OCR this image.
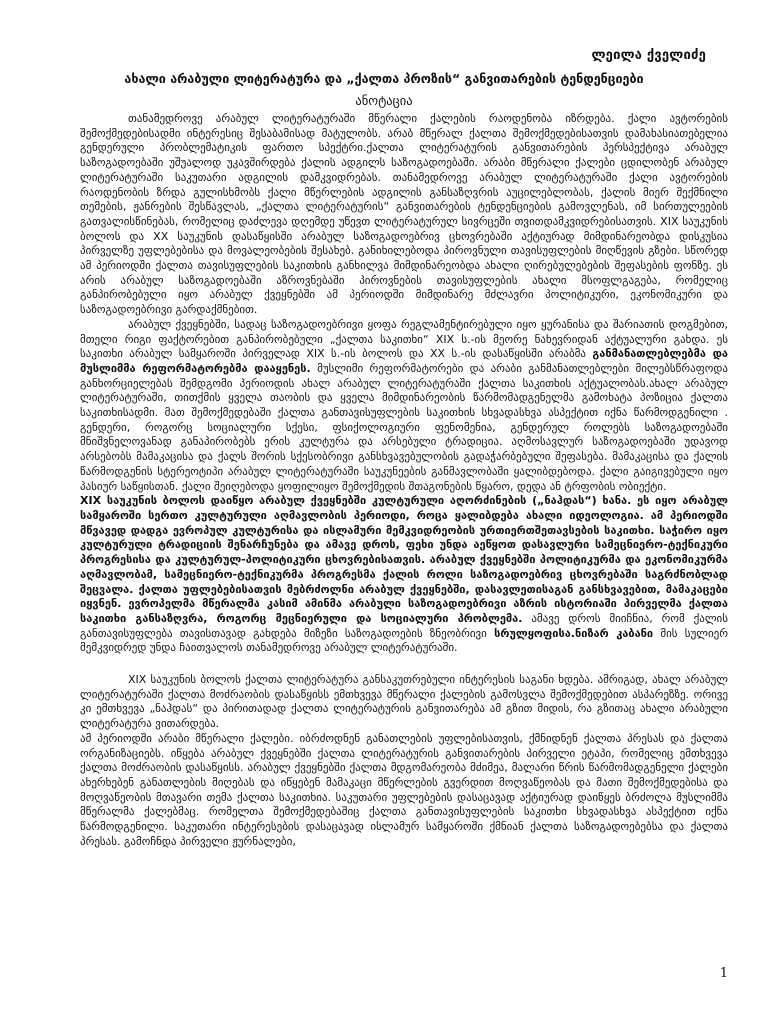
ლეილა ქველიძე
ახალი არაბული ლიტერატურა და „ქალთა პროზის“ განვითარების ტენდენციები
ანოტაცია

თანამედროვე არაბულ ლიტერატურაში მწერალი ქალების რაოდენობა იზრდება. ქალი ავტორების შემოქმედებისადმი ინტერესიც შესაბამისად მატულობს. არაბ მწერალ ქალთა შემოქმედებისათვის დამახასიათებელია გენდერული პრობლემატიკის ფართო სპექტრი.ქალთა ლიტერატურის განვითარების პერსპექტივა არაბულ საზოგადოებაში უშუალოდ უკავშირდება ქალის ადგილს საზოგადოებაში. არაბი მწერალი ქალები ცდილობენ არაბულ ლიტერატურაში საკუთარი ადგილის დამკვიდრებას. თანამედროვე არაბულ ლიტერატურაში ქალი ავტორების რაოდენობის ზრდა გულისხმობს ქალი მწერლების ადგილის განსაზღვრის აუცილებლობას, ქალის მიერ შექმნილი თემების, ჟანრების შესწავლას, „ქალთა ლიტერატურის“ განვითარების ტენდენციების გამოვლენას, იმ სირთულეების გათვალისწინებას, რომელიც დაძლევა დღემდე უწევთ ლიტერატურულ სივრცეში თვითდამკვიდრებისათვის. XIX საუკუნის ბოლოს და XX საუკუნის დასაწყისში არაბულ საზოგადოებრივ ცხოვრებაში აქტიურად მიმდინარეობდა დისკუსია პირველზე უფლებებისა და მოვალეობების შესახებ. განიხილებოდა პიროვნული თავისუფლების მიღწევის გზები. სწორედ ამ პერიოდში ქალთა თავისუფლების საკითხის განხილვა მიმდინარეობდა ახალი ღირებულებების შეფასების ფონზე. ეს არის არაბულ საზოგადოებაში აზროვნებაში პიროვნების თავისუფლების ახალი მსოფლგაგება, რომელიც განპირობებული იყო არაბულ ქვეყნებში ამ პერიოდში მიმდინარე მძლავრი პოლიტიკური, ეკონომიკური და საზოგადოებრივი გარდაქმნებით.

არაბულ ქვეყნებში, სადაც საზოგადოებრივი ყოფა რეგლამენტირებული იყო ყურანისა და შარიათის დოგმებით, მთელი რიგი ფაქტორებით განპირობებული „ქალთა საკითხი“ XIX ს.-ის მეორე ნახევრიდან აქტუალური გახდა. ეს საკითხი არაბულ სამყაროში პირველად XIX ს.-ის ბოლოს და XX ს.-ის დასაწყისში არაბმა განმანათლებლებმა და მუსლიმმა რეფორმატორებმა დააყენეს. მუსლიმი რეფორმატორები და არაბი განმანათლებლები მილებსწრაფოდა განხორციელებას შემდგომი პერიოდის ახალ არაბულ ლიტერატურაში ქალთა საკითხის აქტუალობას.ახალ არაბულ ლიტერატურაში, თითქმის ყველა თაობის და ყველა მიმდინარეობის წარმომადგენელმა გამოხატა პოზიცია ქალთა საკითხისადმი. მათ შემოქმედებაში ქალთა განთავისუფლების საკითხის სხვადასხვა ასპექტით იქნა წარმოდგენილი . გენდერი, როგორც სოციალური სქესი, ფსიქოლოგიური ფენომენია, გენდერულ როლებს საზოგადოებაში მნიშვნელოვანად განაპირობებს ერის კულტურა და არსებული ტრადიცია. აღმოსავლურ საზოგადოებაში უდავოდ არსებობს მამაკაცისა და ქალს შორის სქესობრივი განსხვავებულობის გადაჭარბებული შეფასება. მამაკაცისა და ქალის წარმოდგენის სტერეოტიპი არაბულ ლიტერატურაში საუკუნეების განმავლობაში ყალიბდებოდა. ქალი გაიგივებული იყო პასიურ საწყისთან. ქალი შეიღებოდა ყოფილიყო შემოქმედის შთაგონების წყარო, დედა ან ტრფობის ობიექტი.

XIX საუკუნის ბოლოს დაიწყო არაბულ ქვეყნებში კულტურული აღორძინების („ნაჰდას“) ხანა. ეს იყო არაბულ სამყაროში სერთო კულტურული აღმავლობის პერიოდი, როცა ყალიბდება ახალი იდეოლოგია. ამ პერიოდში მწვავედ დადგა ევროპულ კულტურისა და ისლამური მემკვიდრეობის ურთიერთშეთავსების საკითხი. საჭირო იყო კულტურული ტრადიციის შენარჩუნება და ამავე დროს, ფეხი უნდა აეწყოთ დასავლური სამეცნიერო-ტექნიკური პროგრესისა და კულტურულ-პოლიტიკური ცხოვრებისათვის. არაბულ ქვეყნებში პოლიტიკურმა და ეკონომიკურმა აღმავლობამ, სამეცნიერო-ტექნიკურმა პროგრესმა ქალის როლი საზოგადოებრივ ცხოვრებაში საგრძნობლად შეცვალა. ქალთა უფლებებისათვის მებრძოლნი არაბულ ქვეყნებში, დასავლეთისაგან განსხვავებით, მამაკაცები იყვნენ. ევროპელმა მწერალმა კასიმ ამინმა არაბული საზოგადოებრივი აზრის ისტორიაში პირველმა ქალთა საკითხი განსაზღვრა, როგორც მეცნიერული და სოციალური პრობლემა. ამავე დროს მიიჩნია, რომ ქალის განთავისუფლება თავისთავად გახდება მიზეზი საზოგადოების ზნეობრივი სრულყოფისა.ნიზარ კაბანი მის სულიერ მემკვიდრედ უნდა ჩაითვალოს თანამედროვე არაბულ ლიტერატურაში.

XIX საუკუნის ბოლოს ქალთა ლიტერატურა განსაკუთრებული ინტერესის საგანი ხდება. ამრიგად, ახალ არაბულ ლიტერატურაში ქალთა მოძრაობის დასაწყისს ემთხვევა მწერალი ქალების გამოსვლა შემოქმედებით ასპარეზზე. ორივე კი ემთხვევა „ნაჰდას“ და პირითადად ქალთა ლიტერატურის განვითარება ამ გზით მიდის, რა გზითაც ახალი არაბული ლიტერატურა ვითარდება.

ამ პერიოდში არაბი მწერალი ქალები. იბრძოდნენ განათლების უფლებისათვის, ქმნიდნენ ქალთა პრესას და ქალთა ორგანიზაციებს. იწყება არაბულ ქვეყნებში ქალთა ლიტერატურის განვითარების პირველი ეტაპი, რომელიც ემთხვევა ქალთა მოძრაობის დასაწყისს. არაბულ ქვეყნებში ქალთა მდგომარეობა მძიმეა, მალარი წრის წარმომადგენელი ქალები ახერხებენ განათლების მიღებას და იწყებენ მამაკაცი მწერლების გვერდით მოღვაწეობას და მათი შემოქმედებისა და მოღვაწეობის მთავარი თემა ქალთა საკითხია. საკუთარი უფლებების დასაცავად აქტიურად დაიწყეს ბრძოლა მუსლიმმა მწერალმა ქალებმაც. რომელთა შემოქმედებაშიც ქალთა განთავისუფლების საკითხი სხვადასხვა ასპექტით იქნა წარმოდგენილი. საკუთარი ინტერესების დასაცავად ისლამურ სამყაროში ქმნიან ქალთა საზოგადოებებსა და ქალთა პრესას. გამოჩნდა პირველი ჟურნალები,

1
